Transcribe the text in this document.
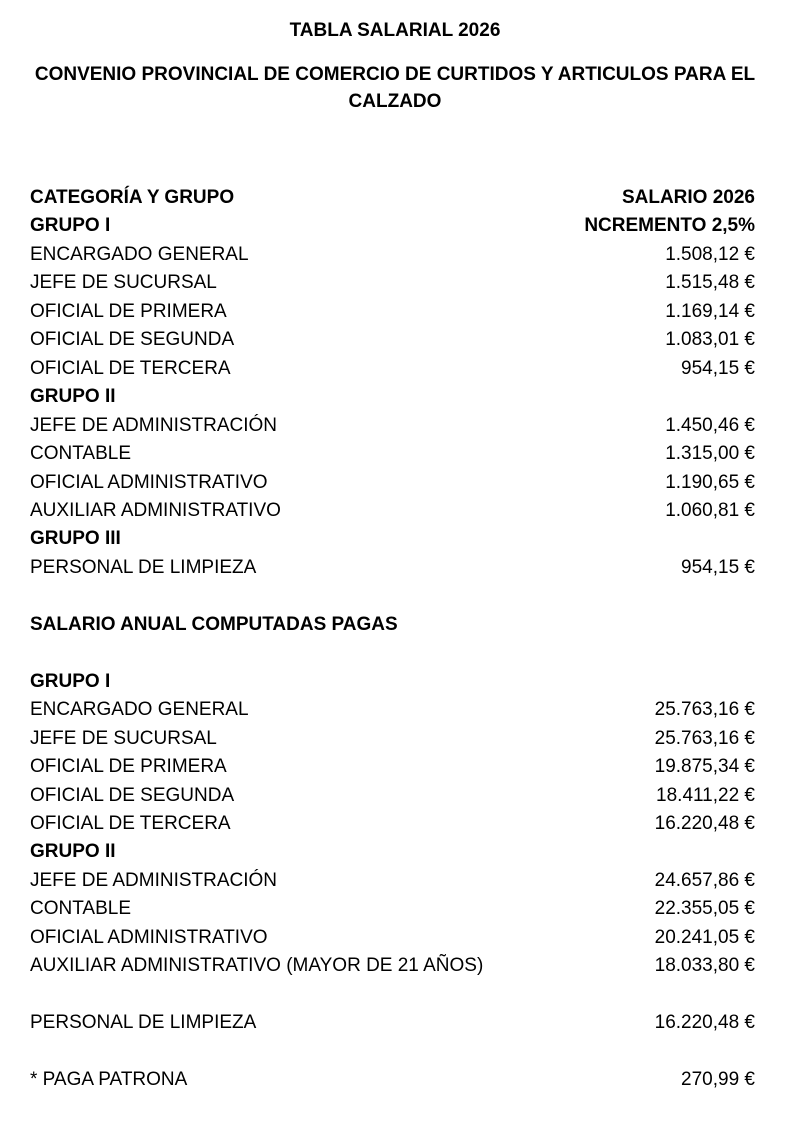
TABLA SALARIAL 2026
CONVENIO PROVINCIAL DE COMERCIO DE CURTIDOS Y ARTICULOS PARA EL
CALZADO
CATEGORÍA Y GRUPO	SALARIO 2026
GRUPO I	NCREMENTO 2,5%
ENCARGADO GENERAL	1.508,12 €
JEFE DE SUCURSAL	1.515,48 €
OFICIAL DE PRIMERA	1.169,14 €
OFICIAL DE SEGUNDA	1.083,01 €
OFICIAL DE TERCERA	954,15 €
GRUPO II
JEFE DE ADMINISTRACIÓN	1.450,46 €
CONTABLE	1.315,00 €
OFICIAL ADMINISTRATIVO	1.190,65 €
AUXILIAR ADMINISTRATIVO	1.060,81 €
GRUPO III
PERSONAL DE LIMPIEZA	954,15 €
SALARIO ANUAL COMPUTADAS PAGAS
GRUPO I
ENCARGADO GENERAL	25.763,16 €
JEFE DE SUCURSAL	25.763,16 €
OFICIAL DE PRIMERA	19.875,34 €
OFICIAL DE SEGUNDA	18.411,22 €
OFICIAL DE TERCERA	16.220,48 €
GRUPO II
JEFE DE ADMINISTRACIÓN	24.657,86 €
CONTABLE	22.355,05 €
OFICIAL ADMINISTRATIVO	20.241,05 €
AUXILIAR ADMINISTRATIVO (MAYOR DE 21 AÑOS)	18.033,80 €
PERSONAL DE LIMPIEZA	16.220,48 €
* PAGA PATRONA	270,99 €
